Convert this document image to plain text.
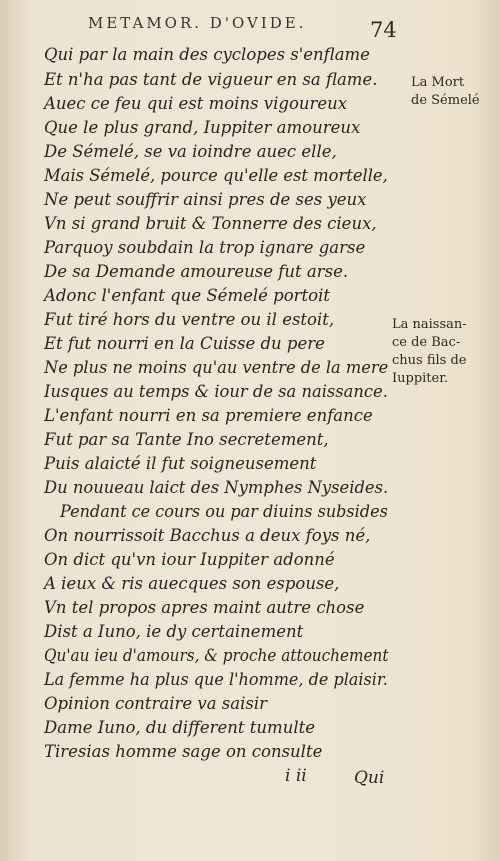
METAMOR. D'OVIDE.	74
Qui par la main des cyclopes s'enflame
Et n'ha pas tant de vigueur en sa flame.
Auec ce feu qui est moins vigoureux
Que le plus grand, Iuppiter amoureux
De Sémelé, se va ioindre auec elle,
Mais Sémelé, pource qu'elle est mortelle,
Ne peut souffrir ainsi pres de ses yeux
Vn si grand bruit & Tonnerre des cieux,
Parquoy soubdain la trop ignare garse
De sa Demande amoureuse fut arse.
Adonc l'enfant que Sémelé portoit
Fut tiré hors du ventre ou il estoit,
Et fut nourri en la Cuisse du pere
Ne plus ne moins qu'au ventre de la mere
Iusques au temps & iour de sa naissance.
L'enfant nourri en sa premiere enfance
Fut par sa Tante Ino secretement,
Puis alaicté il fut soigneusement
Du nouueau laict des Nymphes Nyseides.
Pendant ce cours ou par diuins subsides
On nourrissoit Bacchus a deux foys né,
On dict qu'vn iour Iuppiter adonné
A ieux & ris auecques son espouse,
Vn tel propos apres maint autre chose
Dist a Iuno, ie dy certainement
Qu'au ieu d'amours, & proche attouchement
La femme ha plus que l'homme, de plaisir.
Opinion contraire va saisir
Dame Iuno, du different tumulte
Tiresias homme sage on consulte
La Mort
de Sémelé
La naissan-
ce de Bac-
chus fils de
Iuppiter.
i ii	Qui
